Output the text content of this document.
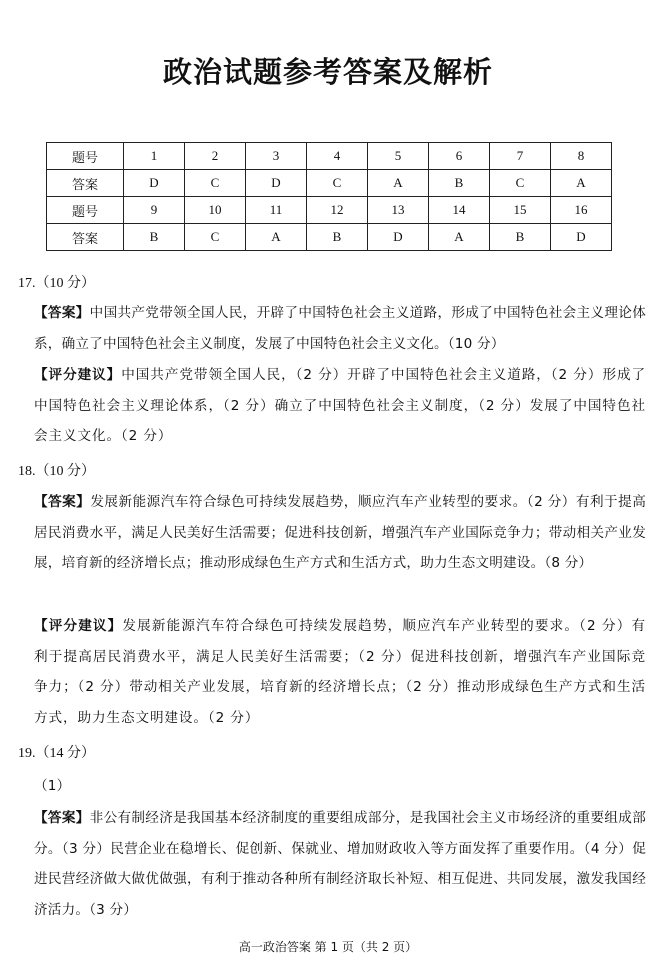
政治试题参考答案及解析
题号	1	2	3	4	5	6	7	8
答案	D	C	D	C	A	B	C	A
题号	9	10	11	12	13	14	15	16
答案	B	C	A	B	D	A	B	D
17.（10 分）
【答案】中国共产党带领全国人民，开辟了中国特色社会主义道路，形成了中国特色社会主义理论体系，确立了中国特色社会主义制度，发展了中国特色社会主义文化。（10 分）
【评分建议】中国共产党带领全国人民，（2 分）开辟了中国特色社会主义道路，（2 分）形成了中国特色社会主义理论体系，（2 分）确立了中国特色社会主义制度，（2 分）发展了中国特色社会主义文化。（2 分）
18.（10 分）
【答案】发展新能源汽车符合绿色可持续发展趋势，顺应汽车产业转型的要求。（2 分）有利于提高居民消费水平，满足人民美好生活需要；促进科技创新，增强汽车产业国际竞争力；带动相关产业发展，培育新的经济增长点；推动形成绿色生产方式和生活方式，助力生态文明建设。（8 分）
【评分建议】发展新能源汽车符合绿色可持续发展趋势，顺应汽车产业转型的要求。（2 分）有利于提高居民消费水平，满足人民美好生活需要；（2 分）促进科技创新，增强汽车产业国际竞争力；（2 分）带动相关产业发展，培育新的经济增长点；（2 分）推动形成绿色生产方式和生活方式，助力生态文明建设。（2 分）
19.（14 分）
（1）
【答案】非公有制经济是我国基本经济制度的重要组成部分，是我国社会主义市场经济的重要组成部分。（3 分）民营企业在稳增长、促创新、保就业、增加财政收入等方面发挥了重要作用。（4 分）促进民营经济做大做优做强，有利于推动各种所有制经济取长补短、相互促进、共同发展，激发我国经济活力。（3 分）
高一政治答案 第 1 页（共 2 页）
